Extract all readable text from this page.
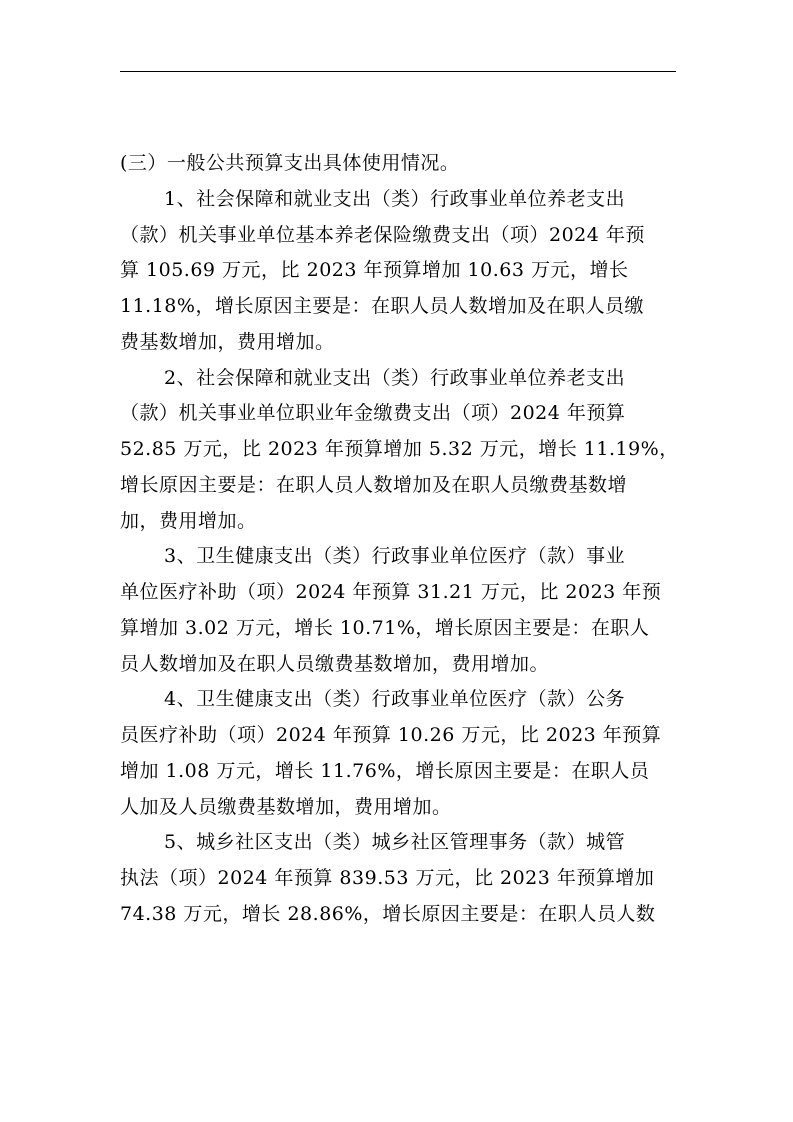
(三）一般公共预算支出具体使用情况。
1、社会保障和就业支出（类）行政事业单位养老支出
（款）机关事业单位基本养老保险缴费支出（项）2024 年预
算 105.69 万元，比 2023 年预算增加 10.63 万元，增长
11.18%，增长原因主要是：在职人员人数增加及在职人员缴
费基数增加，费用增加。
2、社会保障和就业支出（类）行政事业单位养老支出
（款）机关事业单位职业年金缴费支出（项）2024 年预算
52.85 万元，比 2023 年预算增加 5.32 万元，增长 11.19%，
增长原因主要是：在职人员人数增加及在职人员缴费基数增
加，费用增加。
3、卫生健康支出（类）行政事业单位医疗（款）事业
单位医疗补助（项）2024 年预算 31.21 万元，比 2023 年预
算增加 3.02 万元，增长 10.71%，增长原因主要是：在职人
员人数增加及在职人员缴费基数增加，费用增加。
4、卫生健康支出（类）行政事业单位医疗（款）公务
员医疗补助（项）2024 年预算 10.26 万元，比 2023 年预算
增加 1.08 万元，增长 11.76%，增长原因主要是：在职人员
人加及人员缴费基数增加，费用增加。
5、城乡社区支出（类）城乡社区管理事务（款）城管
执法（项）2024 年预算 839.53 万元，比 2023 年预算增加
74.38 万元，增长 28.86%，增长原因主要是：在职人员人数
